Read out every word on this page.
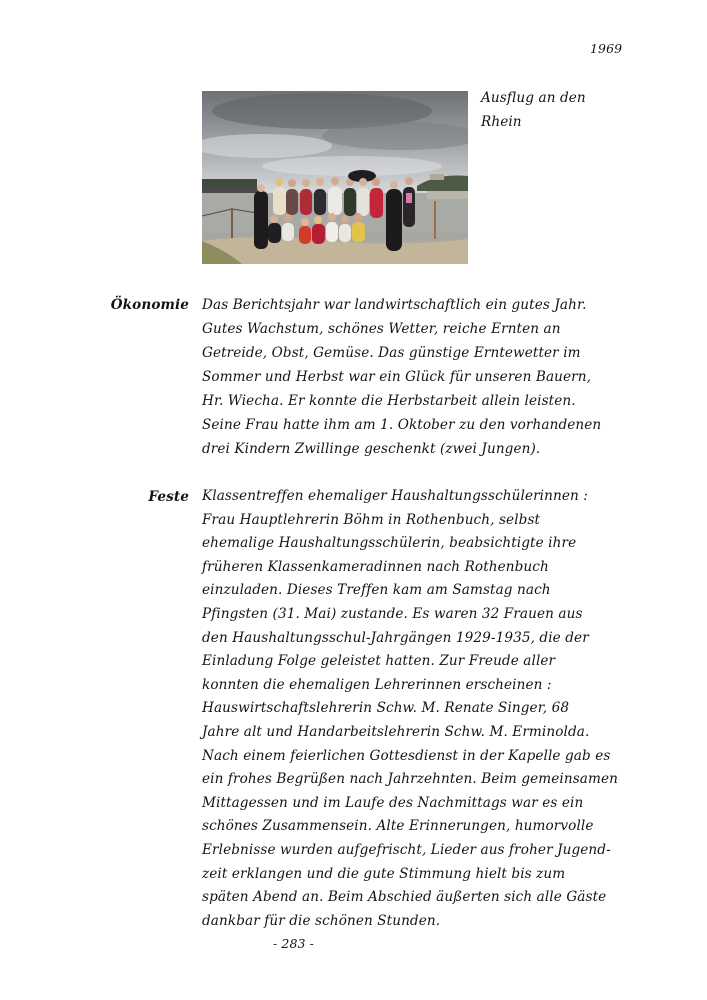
1969
Ausflug an den
Rhein
Ökonomie Das Berichtsjahr war landwirtschaftlich ein gutes Jahr.
Gutes Wachstum, schönes Wetter, reiche Ernten an
Getreide, Obst, Gemüse. Das günstige Erntewetter im
Sommer und Herbst war ein Glück für unseren Bauern,
Hr. Wiecha. Er konnte die Herbstarbeit allein leisten.
Seine Frau hatte ihm am 1. Oktober zu den vorhandenen
drei Kindern Zwillinge geschenkt (zwei Jungen).
Feste Klassentreffen ehemaliger Haushaltungsschülerinnen :
Frau Hauptlehrerin Böhm in Rothenbuch, selbst
ehemalige Haushaltungsschülerin, beabsichtigte ihre
früheren Klassenkameradinnen nach Rothenbuch
einzuladen. Dieses Treffen kam am Samstag nach
Pfingsten (31. Mai) zustande. Es waren 32 Frauen aus
den Haushaltungsschul-Jahrgängen 1929-1935, die der
Einladung Folge geleistet hatten. Zur Freude aller
konnten die ehemaligen Lehrerinnen erscheinen :
Hauswirtschaftslehrerin Schw. M. Renate Singer, 68
Jahre alt und Handarbeitslehrerin Schw. M. Erminolda.
Nach einem feierlichen Gottesdienst in der Kapelle gab es
ein frohes Begrüßen nach Jahrzehnten. Beim gemeinsamen
Mittagessen und im Laufe des Nachmittags war es ein
schönes Zusammensein. Alte Erinnerungen, humorvolle
Erlebnisse wurden aufgefrischt, Lieder aus froher Jugend-
zeit erklangen und die gute Stimmung hielt bis zum
späten Abend an. Beim Abschied äußerten sich alle Gäste
dankbar für die schönen Stunden.
- 283 -
